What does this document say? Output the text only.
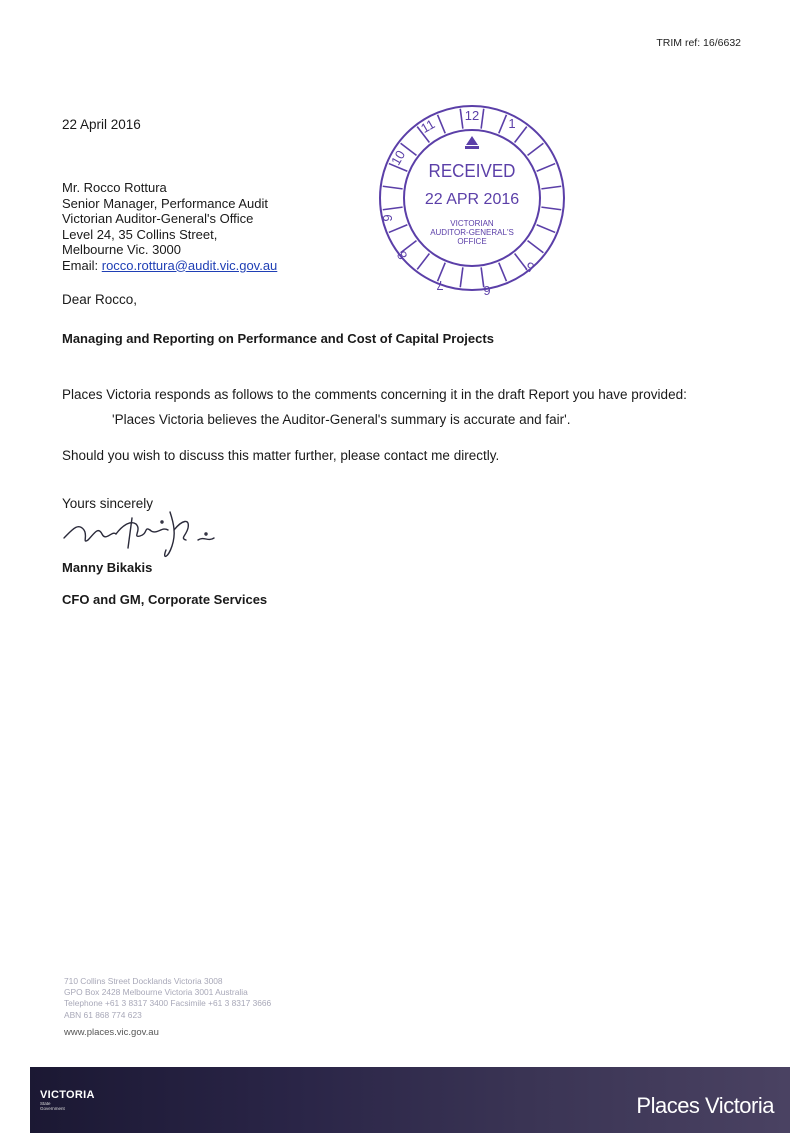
TRIM ref: 16/6632
22 April 2016
Mr. Rocco Rottura
Senior Manager, Performance Audit
Victorian Auditor-General's Office
Level 24, 35 Collins Street,
Melbourne Vic. 3000
Email: rocco.rottura@audit.vic.gov.au
12
1
10
11
9
8
7	6
5
RECEIVED
22 APR 2016
VICTORIAN
AUDITOR-GENERAL'S
OFFICE
Dear Rocco,
Managing and Reporting on Performance and Cost of Capital Projects
Places Victoria responds as follows to the comments concerning it in the draft Report you have provided:
'Places Victoria believes the Auditor-General's summary is accurate and fair'.
Should you wish to discuss this matter further, please contact me directly.
Yours sincerely
Manny Bikakis
CFO and GM, Corporate Services
710 Collins Street Docklands Victoria 3008
GPO Box 2428 Melbourne Victoria 3001 Australia
Telephone +61 3 8317 3400 Facsimile +61 3 8317 3666
ABN 61 868 774 623
www.places.vic.gov.au
VICTORIA
State
Government	Places Victoria
